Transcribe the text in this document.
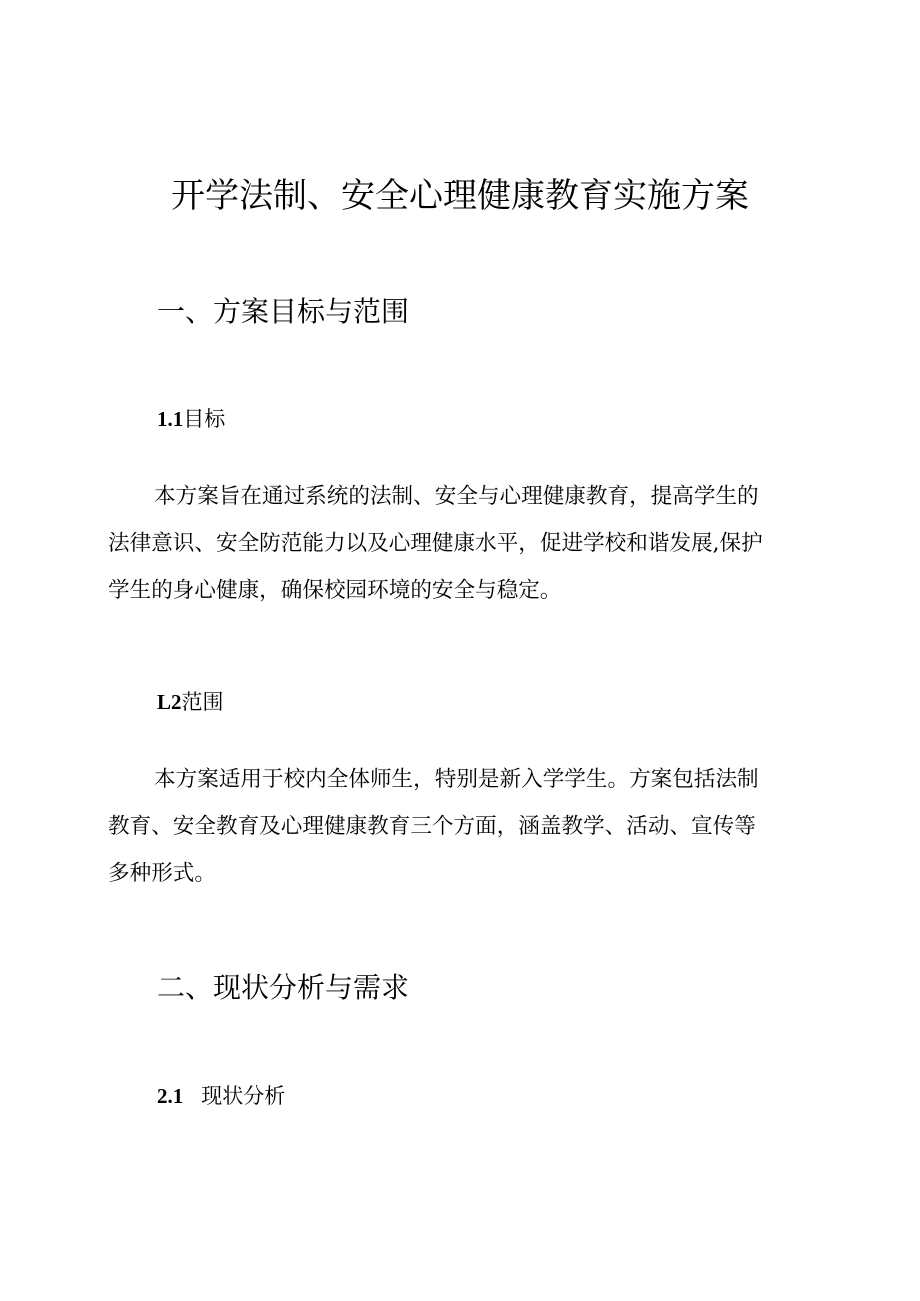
开学法制、安全心理健康教育实施方案
一、方案目标与范围
1.1目标
本方案旨在通过系统的法制、安全与心理健康教育，提高学生的
法律意识、安全防范能力以及心理健康水平，促进学校和谐发展,保护
学生的身心健康，确保校园环境的安全与稳定。
L2范围
本方案适用于校内全体师生，特别是新入学学生。方案包括法制
教育、安全教育及心理健康教育三个方面，涵盖教学、活动、宣传等
多种形式。
二、现状分析与需求
2.1 现状分析
